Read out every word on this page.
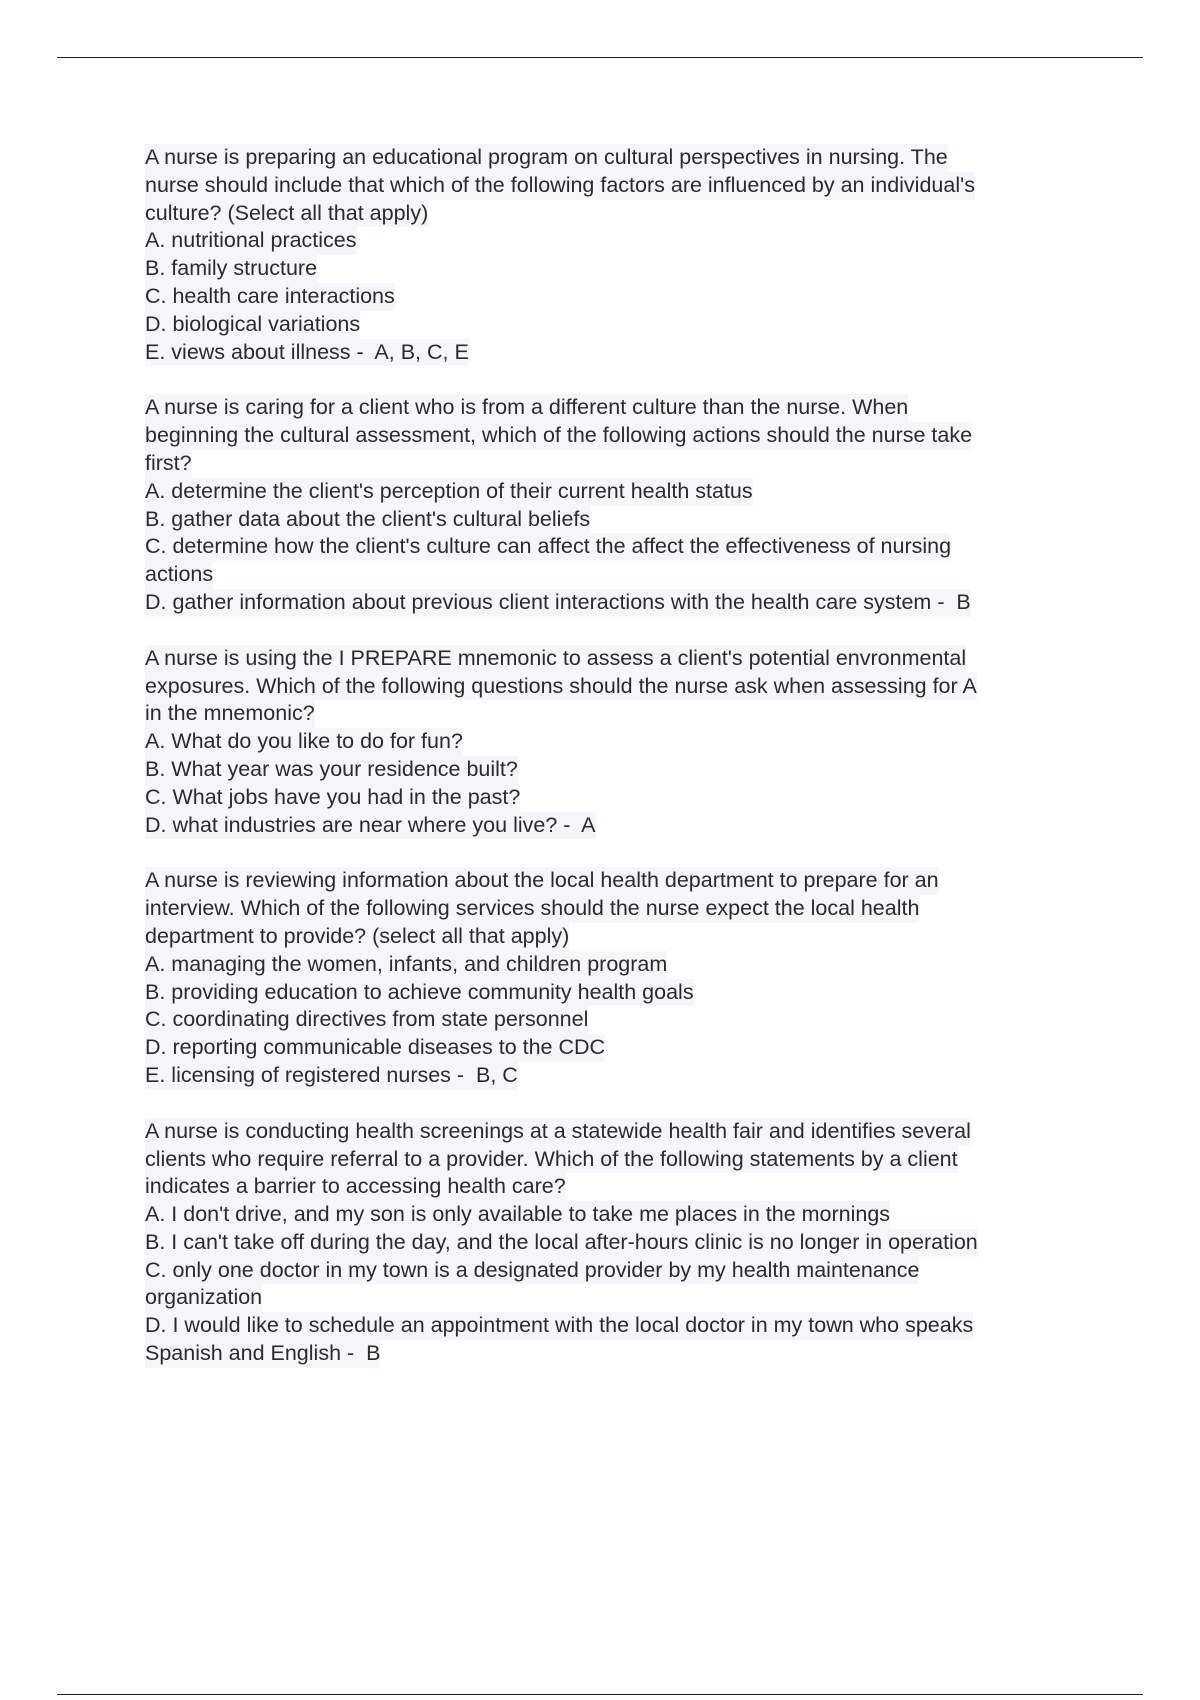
A nurse is preparing an educational program on cultural perspectives in nursing. The
nurse should include that which of the following factors are influenced by an individual's
culture? (Select all that apply)
A. nutritional practices
B. family structure
C. health care interactions
D. biological variations
E. views about illness -  A, B, C, E
A nurse is caring for a client who is from a different culture than the nurse. When
beginning the cultural assessment, which of the following actions should the nurse take
first?
A. determine the client's perception of their current health status
B. gather data about the client's cultural beliefs
C. determine how the client's culture can affect the affect the effectiveness of nursing
actions
D. gather information about previous client interactions with the health care system -  B
A nurse is using the I PREPARE mnemonic to assess a client's potential envronmental
exposures. Which of the following questions should the nurse ask when assessing for A
in the mnemonic?
A. What do you like to do for fun?
B. What year was your residence built?
C. What jobs have you had in the past?
D. what industries are near where you live? -  A
A nurse is reviewing information about the local health department to prepare for an
interview. Which of the following services should the nurse expect the local health
department to provide? (select all that apply)
A. managing the women, infants, and children program
B. providing education to achieve community health goals
C. coordinating directives from state personnel
D. reporting communicable diseases to the CDC
E. licensing of registered nurses -  B, C
A nurse is conducting health screenings at a statewide health fair and identifies several
clients who require referral to a provider. Which of the following statements by a client
indicates a barrier to accessing health care?
A. I don't drive, and my son is only available to take me places in the mornings
B. I can't take off during the day, and the local after-hours clinic is no longer in operation
C. only one doctor in my town is a designated provider by my health maintenance
organization
D. I would like to schedule an appointment with the local doctor in my town who speaks
Spanish and English -  B
